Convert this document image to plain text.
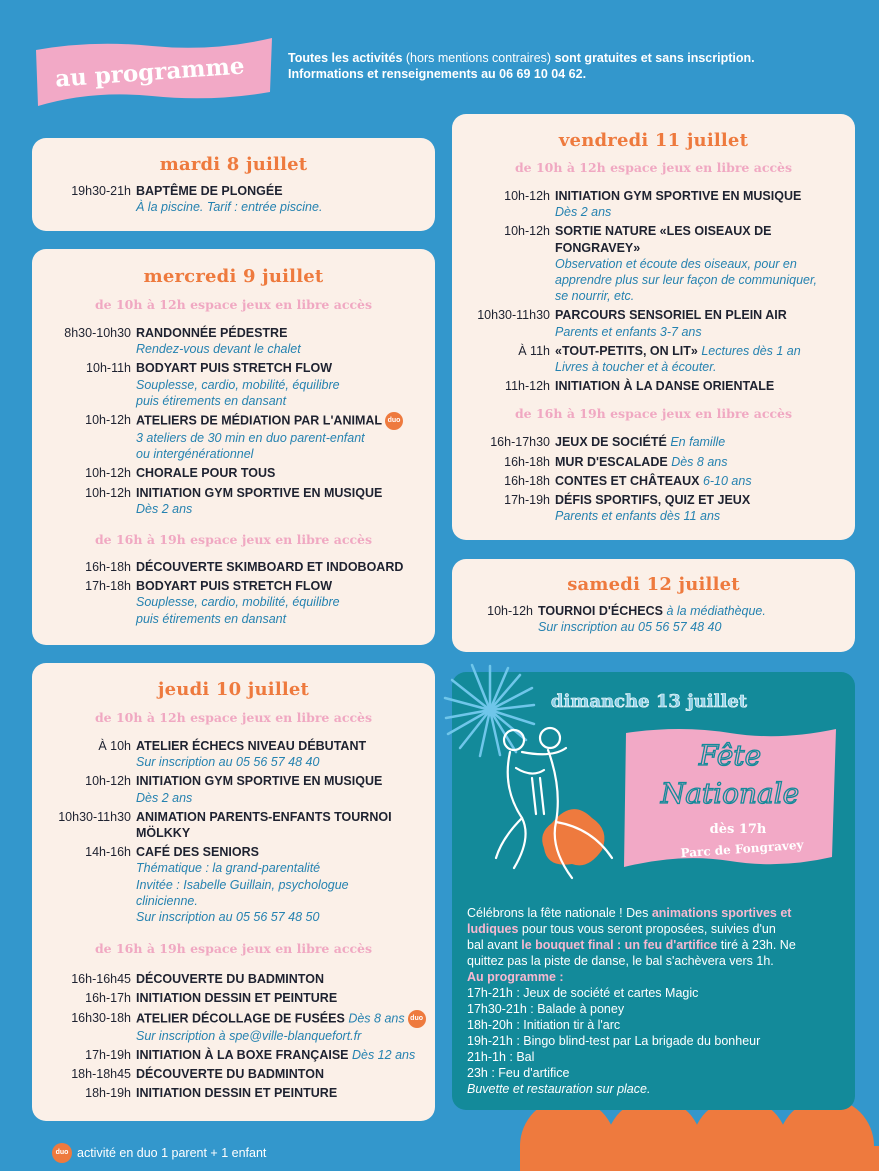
au programme	Toutes les activités (hors mentions contraires) sont gratuites et sans inscription.
Informations et renseignements au 06 69 10 04 62.
mardi 8 juillet
19h30-21h BAPTÊME DE PLONGÉE
À la piscine. Tarif : entrée piscine.
mercredi 9 juillet
de 10h à 12h espace jeux en libre accès
8h30-10h30 RANDONNÉE PÉDESTRE
Rendez-vous devant le chalet
10h-11h BODYART PUIS STRETCH FLOW
Souplesse, cardio, mobilité, équilibre
puis étirements en dansant
10h-12h ATELIERS DE MÉDIATION PAR L'ANIMAL duo
3 ateliers de 30 min en duo parent-enfant
ou intergénérationnel
10h-12h CHORALE POUR TOUS
10h-12h INITIATION GYM SPORTIVE EN MUSIQUE
Dès 2 ans
de 16h à 19h espace jeux en libre accès
16h-18h DÉCOUVERTE SKIMBOARD ET INDOBOARD
17h-18h BODYART PUIS STRETCH FLOW
Souplesse, cardio, mobilité, équilibre
puis étirements en dansant
jeudi 10 juillet
de 10h à 12h espace jeux en libre accès
À 10h ATELIER ÉCHECS NIVEAU DÉBUTANT
Sur inscription au 05 56 57 48 40
10h-12h INITIATION GYM SPORTIVE EN MUSIQUE
Dès 2 ans
10h30-11h30 ANIMATION PARENTS-ENFANTS TOURNOI
MÖLKKY
14h-16h CAFÉ DES SENIORS
Thématique : la grand-parentalité
Invitée : Isabelle Guillain, psychologue
clinicienne.
Sur inscription au 05 56 57 48 50
de 16h à 19h espace jeux en libre accès
16h-16h45 DÉCOUVERTE DU BADMINTON
16h-17h INITIATION DESSIN ET PEINTURE
16h30-18h ATELIER DÉCOLLAGE DE FUSÉES Dès 8 ans duo
Sur inscription à spe@ville-blanquefort.fr
17h-19h INITIATION À LA BOXE FRANÇAISE Dès 12 ans
18h-18h45 DÉCOUVERTE DU BADMINTON
18h-19h INITIATION DESSIN ET PEINTURE
vendredi 11 juillet
de 10h à 12h espace jeux en libre accès
10h-12h INITIATION GYM SPORTIVE EN MUSIQUE
Dès 2 ans
10h-12h SORTIE NATURE «LES OISEAUX DE FONGRAVEY»
Observation et écoute des oiseaux, pour en
apprendre plus sur leur façon de communiquer,
se nourrir, etc.
10h30-11h30 PARCOURS SENSORIEL EN PLEIN AIR
Parents et enfants 3-7 ans
À 11h «TOUT-PETITS, ON LIT» Lectures dès 1 an
Livres à toucher et à écouter.
11h-12h INITIATION À LA DANSE ORIENTALE
de 16h à 19h espace jeux en libre accès
16h-17h30 JEUX DE SOCIÉTÉ En famille
16h-18h MUR D'ESCALADE Dès 8 ans
16h-18h CONTES ET CHÂTEAUX 6-10 ans
17h-19h DÉFIS SPORTIFS, QUIZ ET JEUX
Parents et enfants dès 11 ans
samedi 12 juillet
10h-12h TOURNOI D'ÉCHECS à la médiathèque.
Sur inscription au 05 56 57 48 40
dimanche 13 juillet
Fête
Nationale
dès 17h
Parc de Fongravey
Célébrons la fête nationale ! Des animations sportives et
ludiques pour tous vous seront proposées, suivies d'un
bal avant le bouquet final : un feu d'artifice tiré à 23h. Ne
quittez pas la piste de danse, le bal s'achèvera vers 1h.
Au programme :
17h-21h : Jeux de société et cartes Magic
17h30-21h : Balade à poney
18h-20h : Initiation tir à l'arc
19h-21h : Bingo blind-test par La brigade du bonheur
21h-1h : Bal
23h : Feu d'artifice
Buvette et restauration sur place.
duo activité en duo 1 parent + 1 enfant
